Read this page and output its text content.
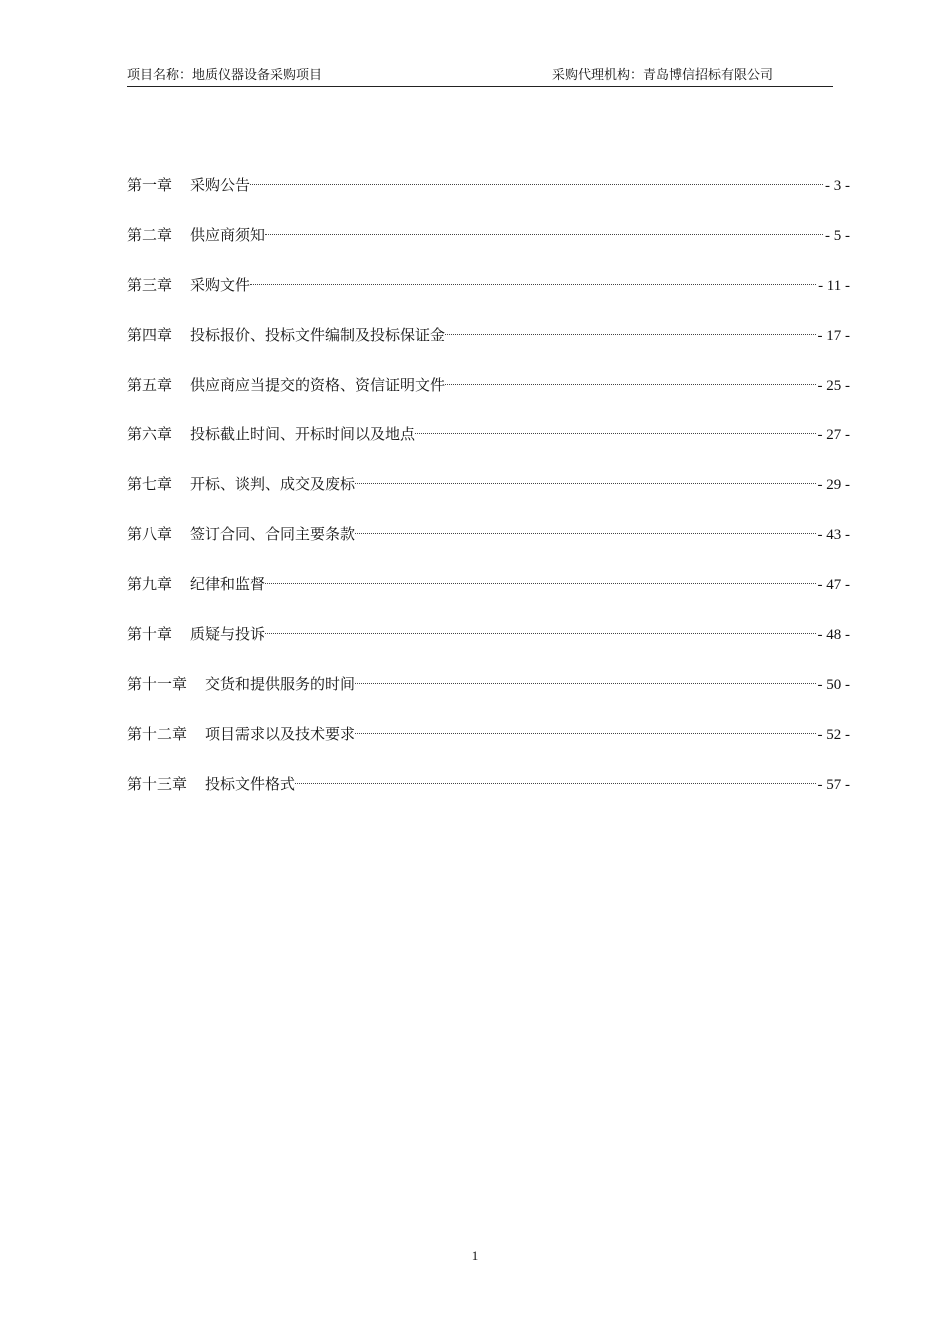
项目名称：地质仪器设备采购项目	采购代理机构：青岛博信招标有限公司
第一章 采购公告	- 3 -
第二章 供应商须知	- 5 -
第三章 采购文件	- 11 -
第四章 投标报价、投标文件编制及投标保证金	- 17 -
第五章 供应商应当提交的资格、资信证明文件	- 25 -
第六章 投标截止时间、开标时间以及地点	- 27 -
第七章 开标、谈判、成交及废标	- 29 -
第八章 签订合同、合同主要条款	- 43 -
第九章 纪律和监督	- 47 -
第十章 质疑与投诉	- 48 -
第十一章 交货和提供服务的时间	- 50 -
第十二章 项目需求以及技术要求	- 52 -
第十三章 投标文件格式	- 57 -
1
